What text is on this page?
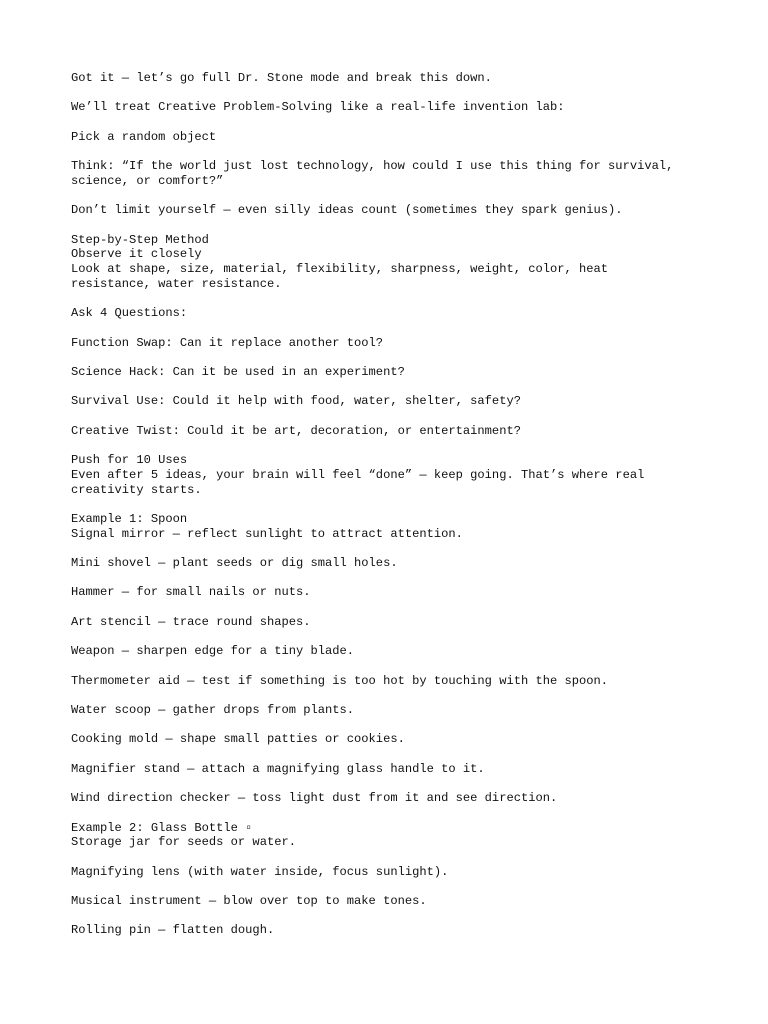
Got it — let’s go full Dr. Stone mode and break this down.
We’ll treat Creative Problem-Solving like a real-life invention lab:
Pick a random object
Think: “If the world just lost technology, how could I use this thing for survival,
science, or comfort?”
Don’t limit yourself — even silly ideas count (sometimes they spark genius).
Step-by-Step Method
Observe it closely
Look at shape, size, material, flexibility, sharpness, weight, color, heat
resistance, water resistance.
Ask 4 Questions:
Function Swap: Can it replace another tool?
Science Hack: Can it be used in an experiment?
Survival Use: Could it help with food, water, shelter, safety?
Creative Twist: Could it be art, decoration, or entertainment?
Push for 10 Uses
Even after 5 ideas, your brain will feel “done” — keep going. That’s where real
creativity starts.
Example 1: Spoon
Signal mirror — reflect sunlight to attract attention.
Mini shovel — plant seeds or dig small holes.
Hammer — for small nails or nuts.
Art stencil — trace round shapes.
Weapon — sharpen edge for a tiny blade.
Thermometer aid — test if something is too hot by touching with the spoon.
Water scoop — gather drops from plants.
Cooking mold — shape small patties or cookies.
Magnifier stand — attach a magnifying glass handle to it.
Wind direction checker — toss light dust from it and see direction.
Example 2: Glass Bottle ▫
Storage jar for seeds or water.
Magnifying lens (with water inside, focus sunlight).
Musical instrument — blow over top to make tones.
Rolling pin — flatten dough.
